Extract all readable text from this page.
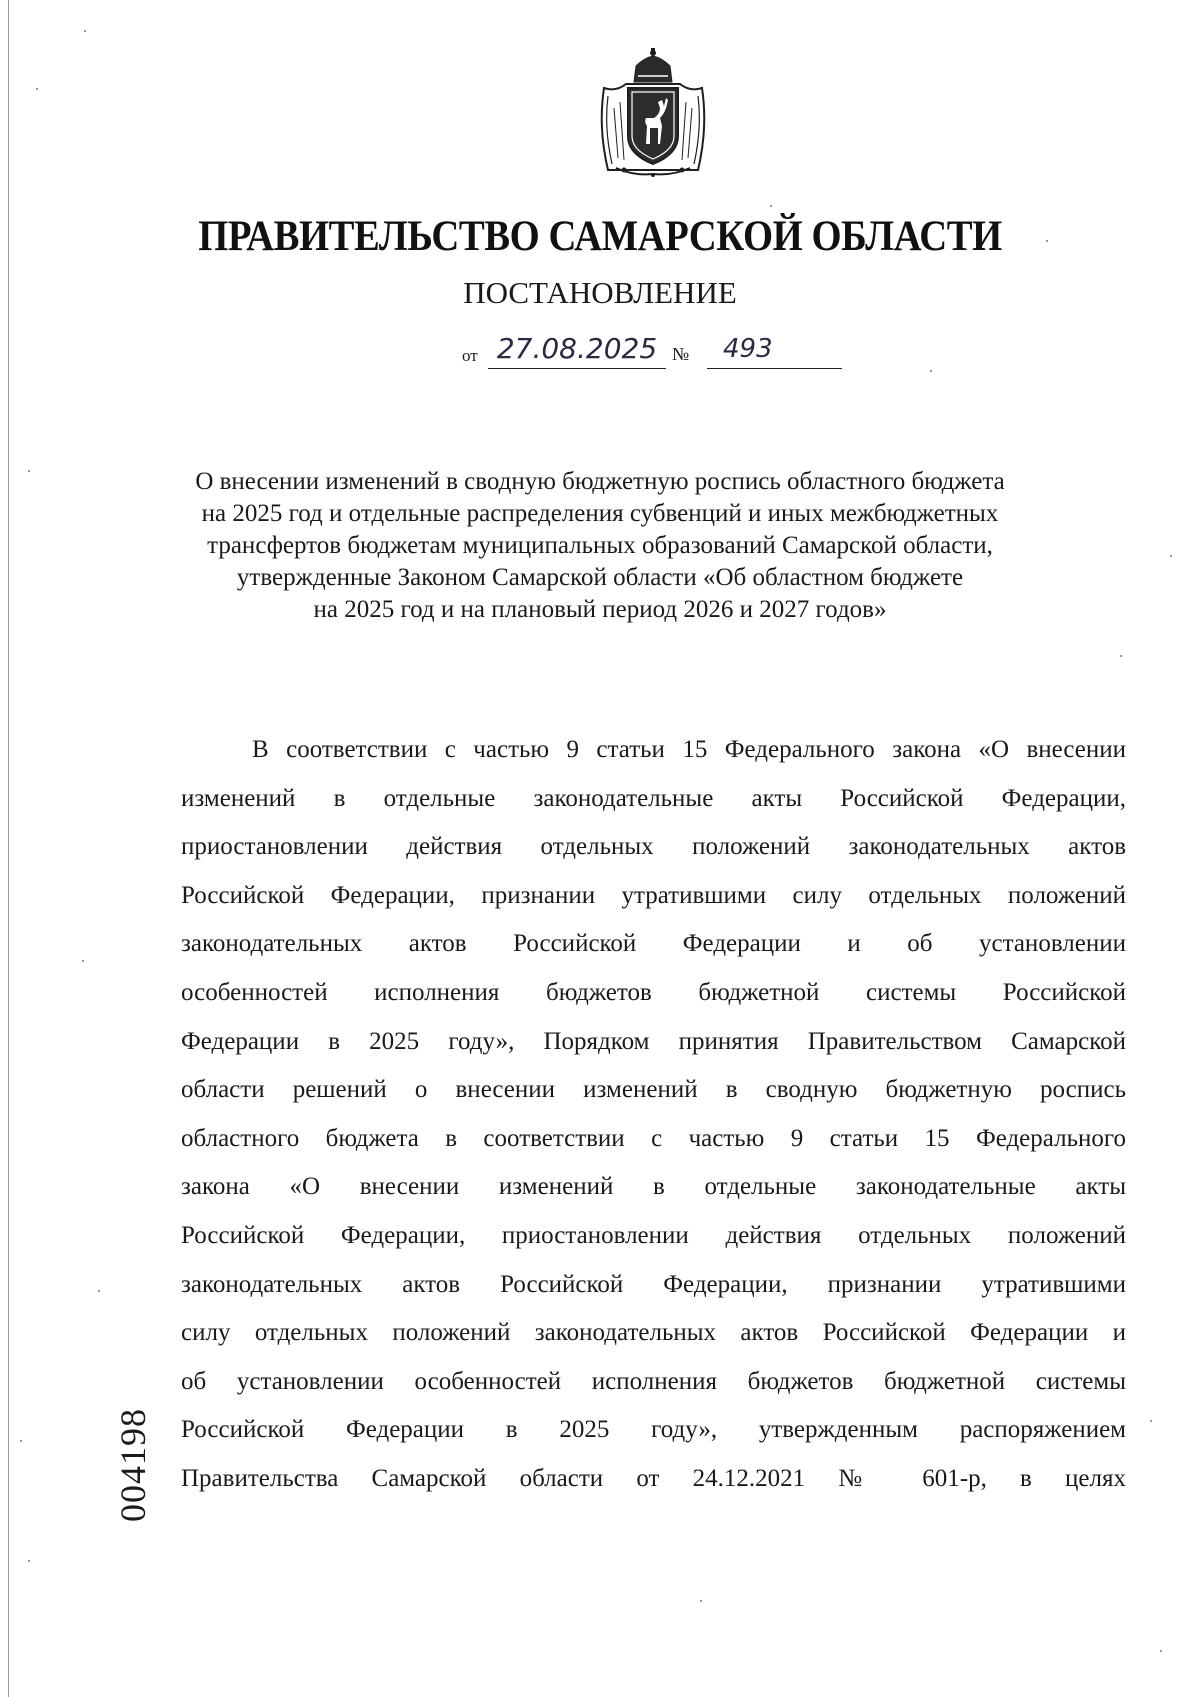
ПРАВИТЕЛЬСТВО САМАРСКОЙ ОБЛАСТИ
ПОСТАНОВЛЕНИЕ
от 27.08.2025 №	493
О внесении изменений в сводную бюджетную роспись областного бюджета
на 2025 год и отдельные распределения субвенций и иных межбюджетных
трансфертов бюджетам муниципальных образований Самарской области,
утвержденные Законом Самарской области «Об областном бюджете
на 2025 год и на плановый период 2026 и 2027 годов»
В соответствии с частью 9 статьи 15 Федерального закона «О внесении
изменений в отдельные законодательные акты Российской Федерации,
приостановлении действия отдельных положений законодательных актов
Российской Федерации, признании утратившими силу отдельных положений
законодательных актов Российской Федерации и об установлении
особенностей исполнения бюджетов бюджетной системы Российской
Федерации в 2025 году», Порядком принятия Правительством Самарской
области решений о внесении изменений в сводную бюджетную роспись
областного бюджета в соответствии с частью 9 статьи 15 Федерального
закона «О внесении изменений в отдельные законодательные акты
Российской Федерации, приостановлении действия отдельных положений
законодательных актов Российской Федерации, признании утратившими
силу отдельных положений законодательных актов Российской Федерации и
об установлении особенностей исполнения бюджетов бюджетной системы
Российской Федерации в 2025 году», утвержденным распоряжением
Правительства Самарской области от 24.12.2021 № 601-р, в целях
004198
